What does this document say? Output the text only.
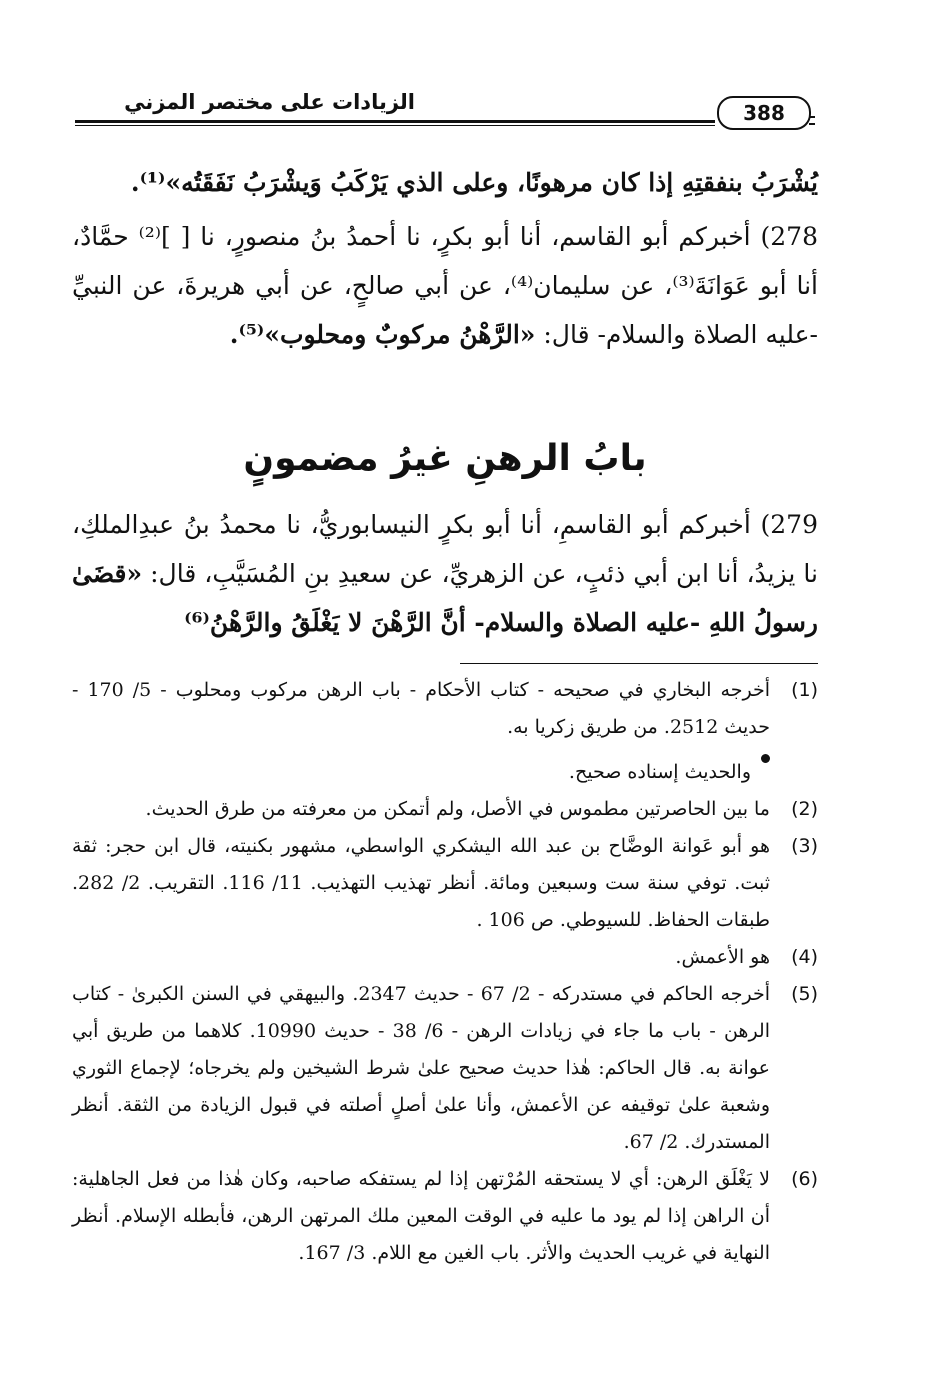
الزيادات على مختصر المزني	388
يُشْرَبُ بنفقتِهِ إذا كان مرهونًا، وعلى الذي يَرْكَبُ وَيشْرَبُ نَفَقَتُه»⁽¹⁾.
278) أخبركم أبو القاسم، أنا أبو بكرٍ، نا أحمدُ بنُ منصورٍ، نا [ ]⁽²⁾ حمَّادٌ، أنا أبو عَوَانَةَ⁽³⁾، عن سليمان⁽⁴⁾، عن أبي صالحٍ، عن أبي هريرةَ، عن النبيِّ -عليه الصلاة والسلام- قال: «الرَّهْنُ مركوبٌ ومحلوب»⁽⁵⁾.
بابُ الرهنِ غيرُ مضمونٍ
279) أخبركم أبو القاسمِ، أنا أبو بكرٍ النيسابوريُّ، نا محمدُ بنُ عبدِالملكِ، نا يزيدُ، أنا ابن أبي ذئبٍ، عن الزهريِّ، عن سعيدِ بنِ المُسَيَّبِ، قال: «قضَىٰ رسولُ اللهِ -عليه الصلاة والسلام- أنَّ الرَّهْنَ لا يَغْلَقُ والرَّهْنُ⁽⁶⁾
(1)
أخرجه البخاري في صحيحه - كتاب الأحكام - باب الرهن مركوب ومحلوب - 5/ 170 - حديث 2512. من طريق زكريا به.
والحديث إسناده صحيح.
(2)
ما بين الحاصرتين مطموس في الأصل، ولم أتمكن من معرفته من طرق الحديث.
(3)
هو أبو عَوانة الوضَّاح بن عبد الله اليشكري الواسطي، مشهور بكنيته، قال ابن حجر: ثقة ثبت. توفي سنة ست وسبعين ومائة. أنظر تهذيب التهذيب. 11/ 116. التقريب. 2/ 282. طبقات الحفاظ. للسيوطي. ص 106 .
(4)
هو الأعمش.
(5)
أخرجه الحاكم في مستدركه - 2/ 67 - حديث 2347. والبيهقي في السنن الكبرىٰ - كتاب الرهن - باب ما جاء في زيادات الرهن - 6/ 38 - حديث 10990. كلاهما من طريق أبي عوانة به. قال الحاكم: هٰذا حديث صحيح علىٰ شرط الشيخين ولم يخرجاه؛ لإجماع الثوري وشعبة علىٰ توقيفه عن الأعمش، وأنا علىٰ أصلٍ أصلته في قبول الزيادة من الثقة. أنظر المستدرك. 2/ 67.
(6)
لا يَغْلَق الرهن: أي لا يستحقه المُرْتهن إذا لم يستفكه صاحبه، وكان هٰذا من فعل الجاهلية: أن الراهن إذا لم يود ما عليه في الوقت المعين ملك المرتهن الرهن، فأبطله الإسلام. أنظر النهاية في غريب الحديث والأثر. باب الغين مع اللام. 3/ 167.
